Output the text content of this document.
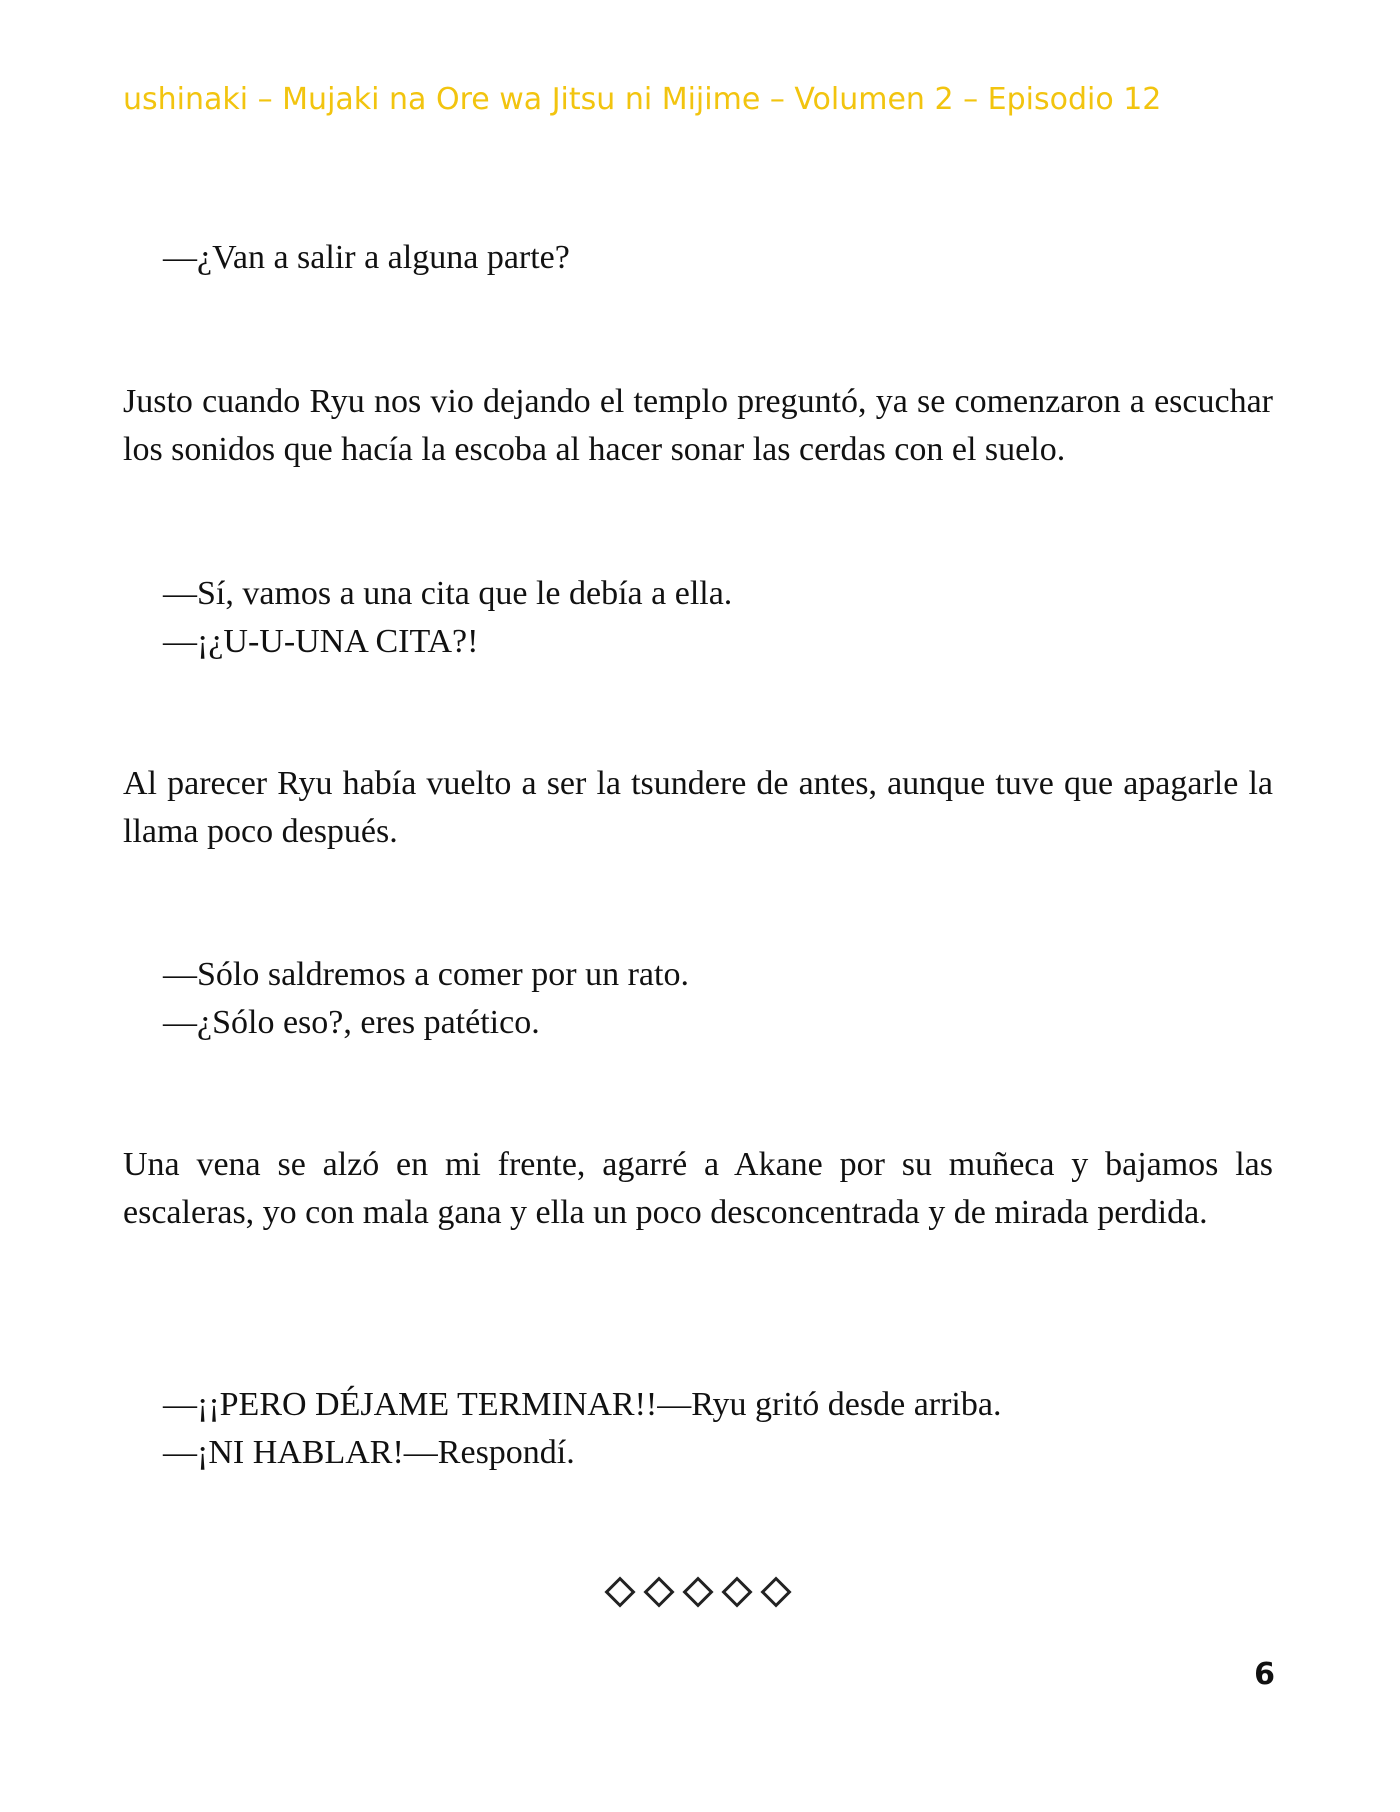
ushinaki – Mujaki na Ore wa Jitsu ni Mijime – Volumen 2 – Episodio 12
—¿Van a salir a alguna parte?
Justo cuando Ryu nos vio dejando el templo preguntó, ya se comenzaron a escuchar los sonidos que hacía la escoba al hacer sonar las cerdas con el suelo.
—Sí, vamos a una cita que le debía a ella.
—¡¿U-U-UNA CITA?!
Al parecer Ryu había vuelto a ser la tsundere de antes, aunque tuve que apagarle la llama poco después.
—Sólo saldremos a comer por un rato.
—¿Sólo eso?, eres patético.
Una vena se alzó en mi frente, agarré a Akane por su muñeca y bajamos las escaleras, yo con mala gana y ella un poco desconcentrada y de mirada perdida.
—¡¡PERO DÉJAME TERMINAR!!—Ryu gritó desde arriba.
—¡NI HABLAR!—Respondí.
6
